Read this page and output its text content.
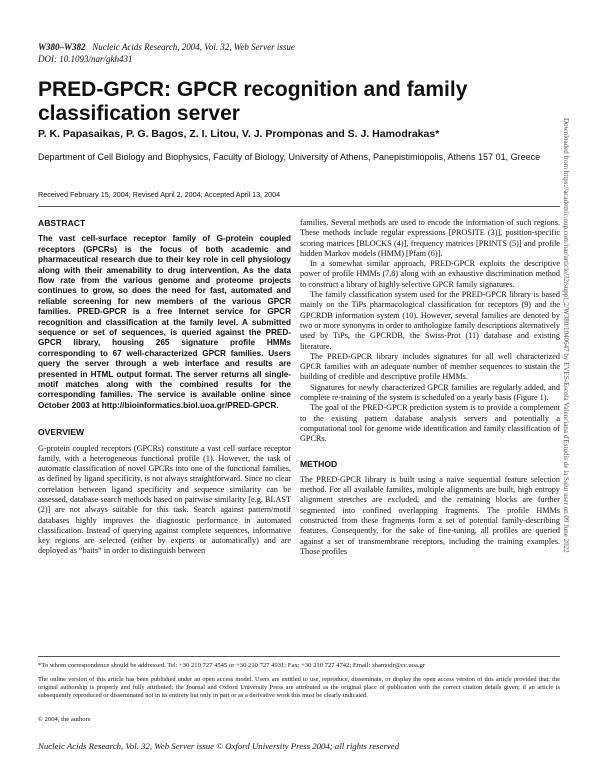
W380–W382 Nucleic Acids Research, 2004, Vol. 32, Web Server issue
DOI: 10.1093/nar/gkh431
PRED-GPCR: GPCR recognition and family classification server
P. K. Papasaikas, P. G. Bagos, Z. I. Litou, V. J. Promponas and S. J. Hamodrakas*
Department of Cell Biology and Biophysics, Faculty of Biology, University of Athens, Panepistimiopolis, Athens 157 01, Greece
Received February 15, 2004; Revised April 2, 2004; Accepted April 13, 2004

ABSTRACT

The vast cell-surface receptor family of G-protein coupled receptors (GPCRs) is the focus of both academic and pharmaceutical research due to their key role in cell physiology along with their amenability to drug intervention. As the data flow rate from the various genome and proteome projects continues to grow, so does the need for fast, automated and reliable screening for new members of the various GPCR families. PRED-GPCR is a free Internet service for GPCR recognition and classification at the family level. A submitted sequence or set of sequences, is queried against the PRED-GPCR library, housing 265 signature profile HMMs corresponding to 67 well-characterized GPCR families. Users query the server through a web interface and results are presented in HTML output format. The server returns all single-motif matches along with the combined results for the corresponding families. The service is available online since October 2003 at http://bioinformatics.biol.uoa.gr/PRED-GPCR.

OVERVIEW

G-protein coupled receptors (GPCRs) constitute a vast cell surface receptor family, with a heterogeneous functional profile (1). However, the task of automatic classification of novel GPCRs into one of the functional families, as defined by ligand specificity, is not always straightforward. Since no clear correlation between ligand specificity and sequence similarity can be assessed, database search methods based on pairwise similarity [e.g. BLAST (2)] are not always suitable for this task. Search against pattern/motif databases highly improves the diagnostic performance in automated classification. Instead of querying against complete sequences, informative key regions are selected (either by experts or automatically) and are deployed as “baits” in order to distinguish between

families. Several methods are used to encode the information of such regions. These methods include regular expressions [PROSITE (3)], position-specific scoring matrices [BLOCKS (4)], frequency matrices [PRINTS (5)] and profile hidden Markov models (HMM) [Pfam (6)].

In a somewhat similar approach, PRED-GPCR exploits the descriptive power of profile HMMs (7,8) along with an exhaustive discrimination method to construct a library of highly selective GPCR family signatures.

The family classification system used for the PRED-GPCR library is based mainly on the TiPs pharmacological classification for receptors (9) and the GPCRDB information system (10). However, several families are denoted by two or more synonyms in order to anthologize family descriptions alternatively used by TiPs, the GPCRDB, the Swiss-Prot (11) database and existing literature.

The PRED-GPCR library includes signatures for all well characterized GPCR families with an adequate number of member sequences to sustain the building of credible and descriptive profile HMMs.

Signatures for newly characterized GPCR families are regularly added, and complete re-training of the system is scheduled on a yearly basis (Figure 1).

The goal of the PRED-GPCR prediction system is to provide a complement to the existing pattern database analysis servers and potentially a computational tool for genome wide identification and family classification of GPCRs.

METHOD

The PRED-GPCR library is built using a naive sequential feature selection method. For all available families, multiple alignments are built, high entropy alignment stretches are excluded, and the remaining blocks are further segmented into confined overlapping fragments. The profile HMMs constructed from these fragments form a set of potential family-describing features. Consequently, for the sake of fine-tuning, all profiles are queried against a set of transmembrane receptors, including the training examples. Those profiles

*To whom correspondence should be addressed. Tel: +30 210 727 4545 or +30 210 727 4931; Fax: +30 210 727 4742; Email: shamodr@cc.uoa.gr
The online version of this article has been published under an open access model. Users are entitled to use, reproduce, disseminate, or display the open access version of this article provided that: the original authorship is properly and fully attributed; the Journal and Oxford University Press are attributed as the original place of publication with the correct citation details given; if an article is subsequently reproduced or disseminated not in its entirety but only in part or as a derivative work this must be clearly indicated.
© 2004, the authors
Nucleic Acids Research, Vol. 32, Web Server issue © Oxford University Press 2004; all rights reserved
Downloaded from https://academic.oup.com/nar/article/32/suppl_2/W380/1040647 by EVES-Escola Valenciana d'Estudis de la Salut user on 09 June 2022
